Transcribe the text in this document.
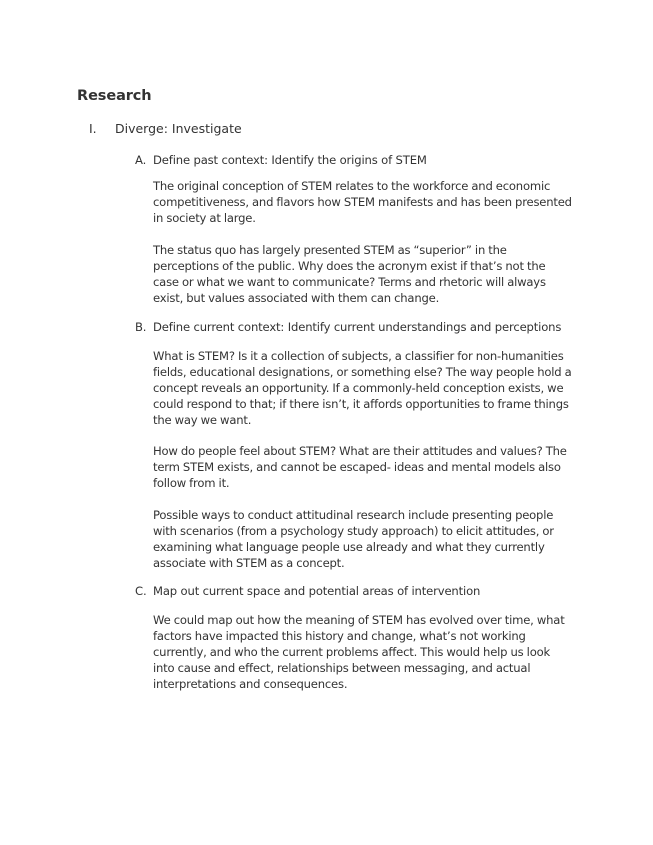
Research
I. Diverge: Investigate
A. Define past context: Identify the origins of STEM
The original conception of STEM relates to the workforce and economic competitiveness, and flavors how STEM manifests and has been presented in society at large.
The status quo has largely presented STEM as “superior” in the perceptions of the public. Why does the acronym exist if that’s not the case or what we want to communicate? Terms and rhetoric will always exist, but values associated with them can change.
B. Define current context: Identify current understandings and perceptions
What is STEM? Is it a collection of subjects, a classifier for non-humanities fields, educational designations, or something else? The way people hold a concept reveals an opportunity. If a commonly-held conception exists, we could respond to that; if there isn’t, it affords opportunities to frame things the way we want.
How do people feel about STEM? What are their attitudes and values? The term STEM exists, and cannot be escaped- ideas and mental models also follow from it.
Possible ways to conduct attitudinal research include presenting people with scenarios (from a psychology study approach) to elicit attitudes, or examining what language people use already and what they currently associate with STEM as a concept.
C. Map out current space and potential areas of intervention
We could map out how the meaning of STEM has evolved over time, what factors have impacted this history and change, what’s not working currently, and who the current problems affect. This would help us look into cause and effect, relationships between messaging, and actual interpretations and consequences.
